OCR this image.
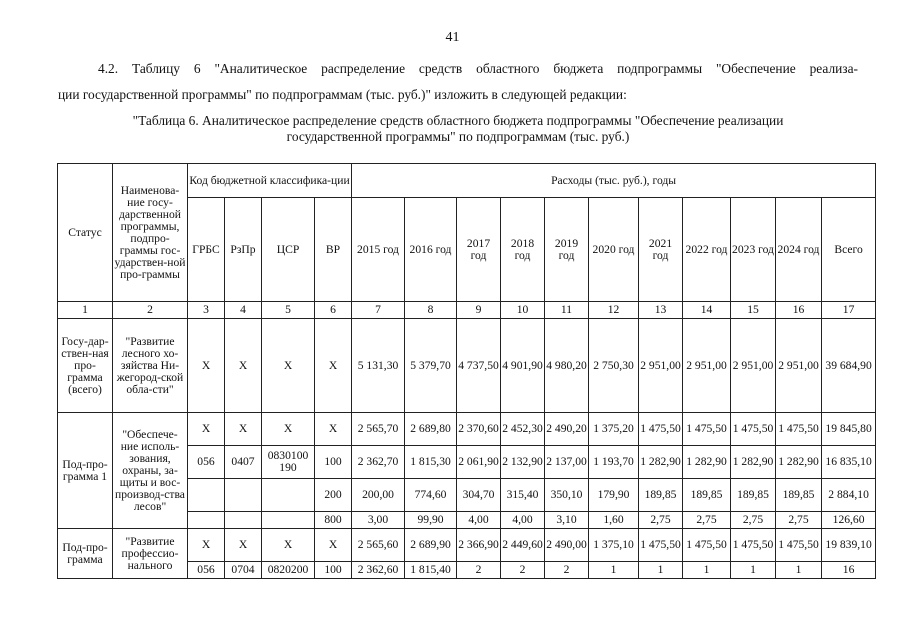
41
4.2. Таблицу 6 "Аналитическое распределение средств областного бюджета подпрограммы "Обеспечение реализа-
ции государственной программы" по подпрограммам (тыс. руб.)" изложить в следующей редакции:
"Таблица 6. Аналитическое распределение средств областного бюджета подпрограммы "Обеспечение реализации
государственной программы" по подпрограммам (тыс. руб.)
Статус	Наименова-ние госу-дарственной программы, подпро-граммы гос-ударствен-ной про-граммы	Код бюджетной классифика-ции				Расходы (тыс. руб.), годы										
		ГРБС	РзПр	ЦСР	ВР	2015 год	2016 год	2017 год	2018 год	2019 год	2020 год	2021 год	2022 год	2023 год	2024 год	Всего
1	2	3	4	5	6	7	8	9	10	11	12	13	14	15	16	17
Госу-дар-ствен-ная про-грамма (всего)	"Развитие лесного хо-зяйства Ни-жегород-ской обла-сти"	X	X	X	X	5 131,30	5 379,70	4 737,50	4 901,90	4 980,20	2 750,30	2 951,00	2 951,00	2 951,00	2 951,00	39 684,90
Под-про-грамма 1	"Обеспече-ние исполь-зования, охраны, за-щиты и вос-производ-ства лесов"	X	X	X	X	2 565,70	2 689,80	2 370,60	2 452,30	2 490,20	1 375,20	1 475,50	1 475,50	1 475,50	1 475,50	19 845,80
		056	0407	0830100 190	100	2 362,70	1 815,30	2 061,90	2 132,90	2 137,00	1 193,70	1 282,90	1 282,90	1 282,90	1 282,90	16 835,10
					200	200,00	774,60	304,70	315,40	350,10	179,90	189,85	189,85	189,85	189,85	2 884,10
					800	3,00	99,90	4,00	4,00	3,10	1,60	2,75	2,75	2,75	2,75	126,60
Под-про-грамма	"Развитие профессио-нального	X	X	X	X	2 565,60	2 689,90	2 366,90	2 449,60	2 490,00	1 375,10	1 475,50	1 475,50	1 475,50	1 475,50	19 839,10
		056	0704	0820200	100	2 362,60	1 815,40	2	2	2	1	1	1	1	1	16
